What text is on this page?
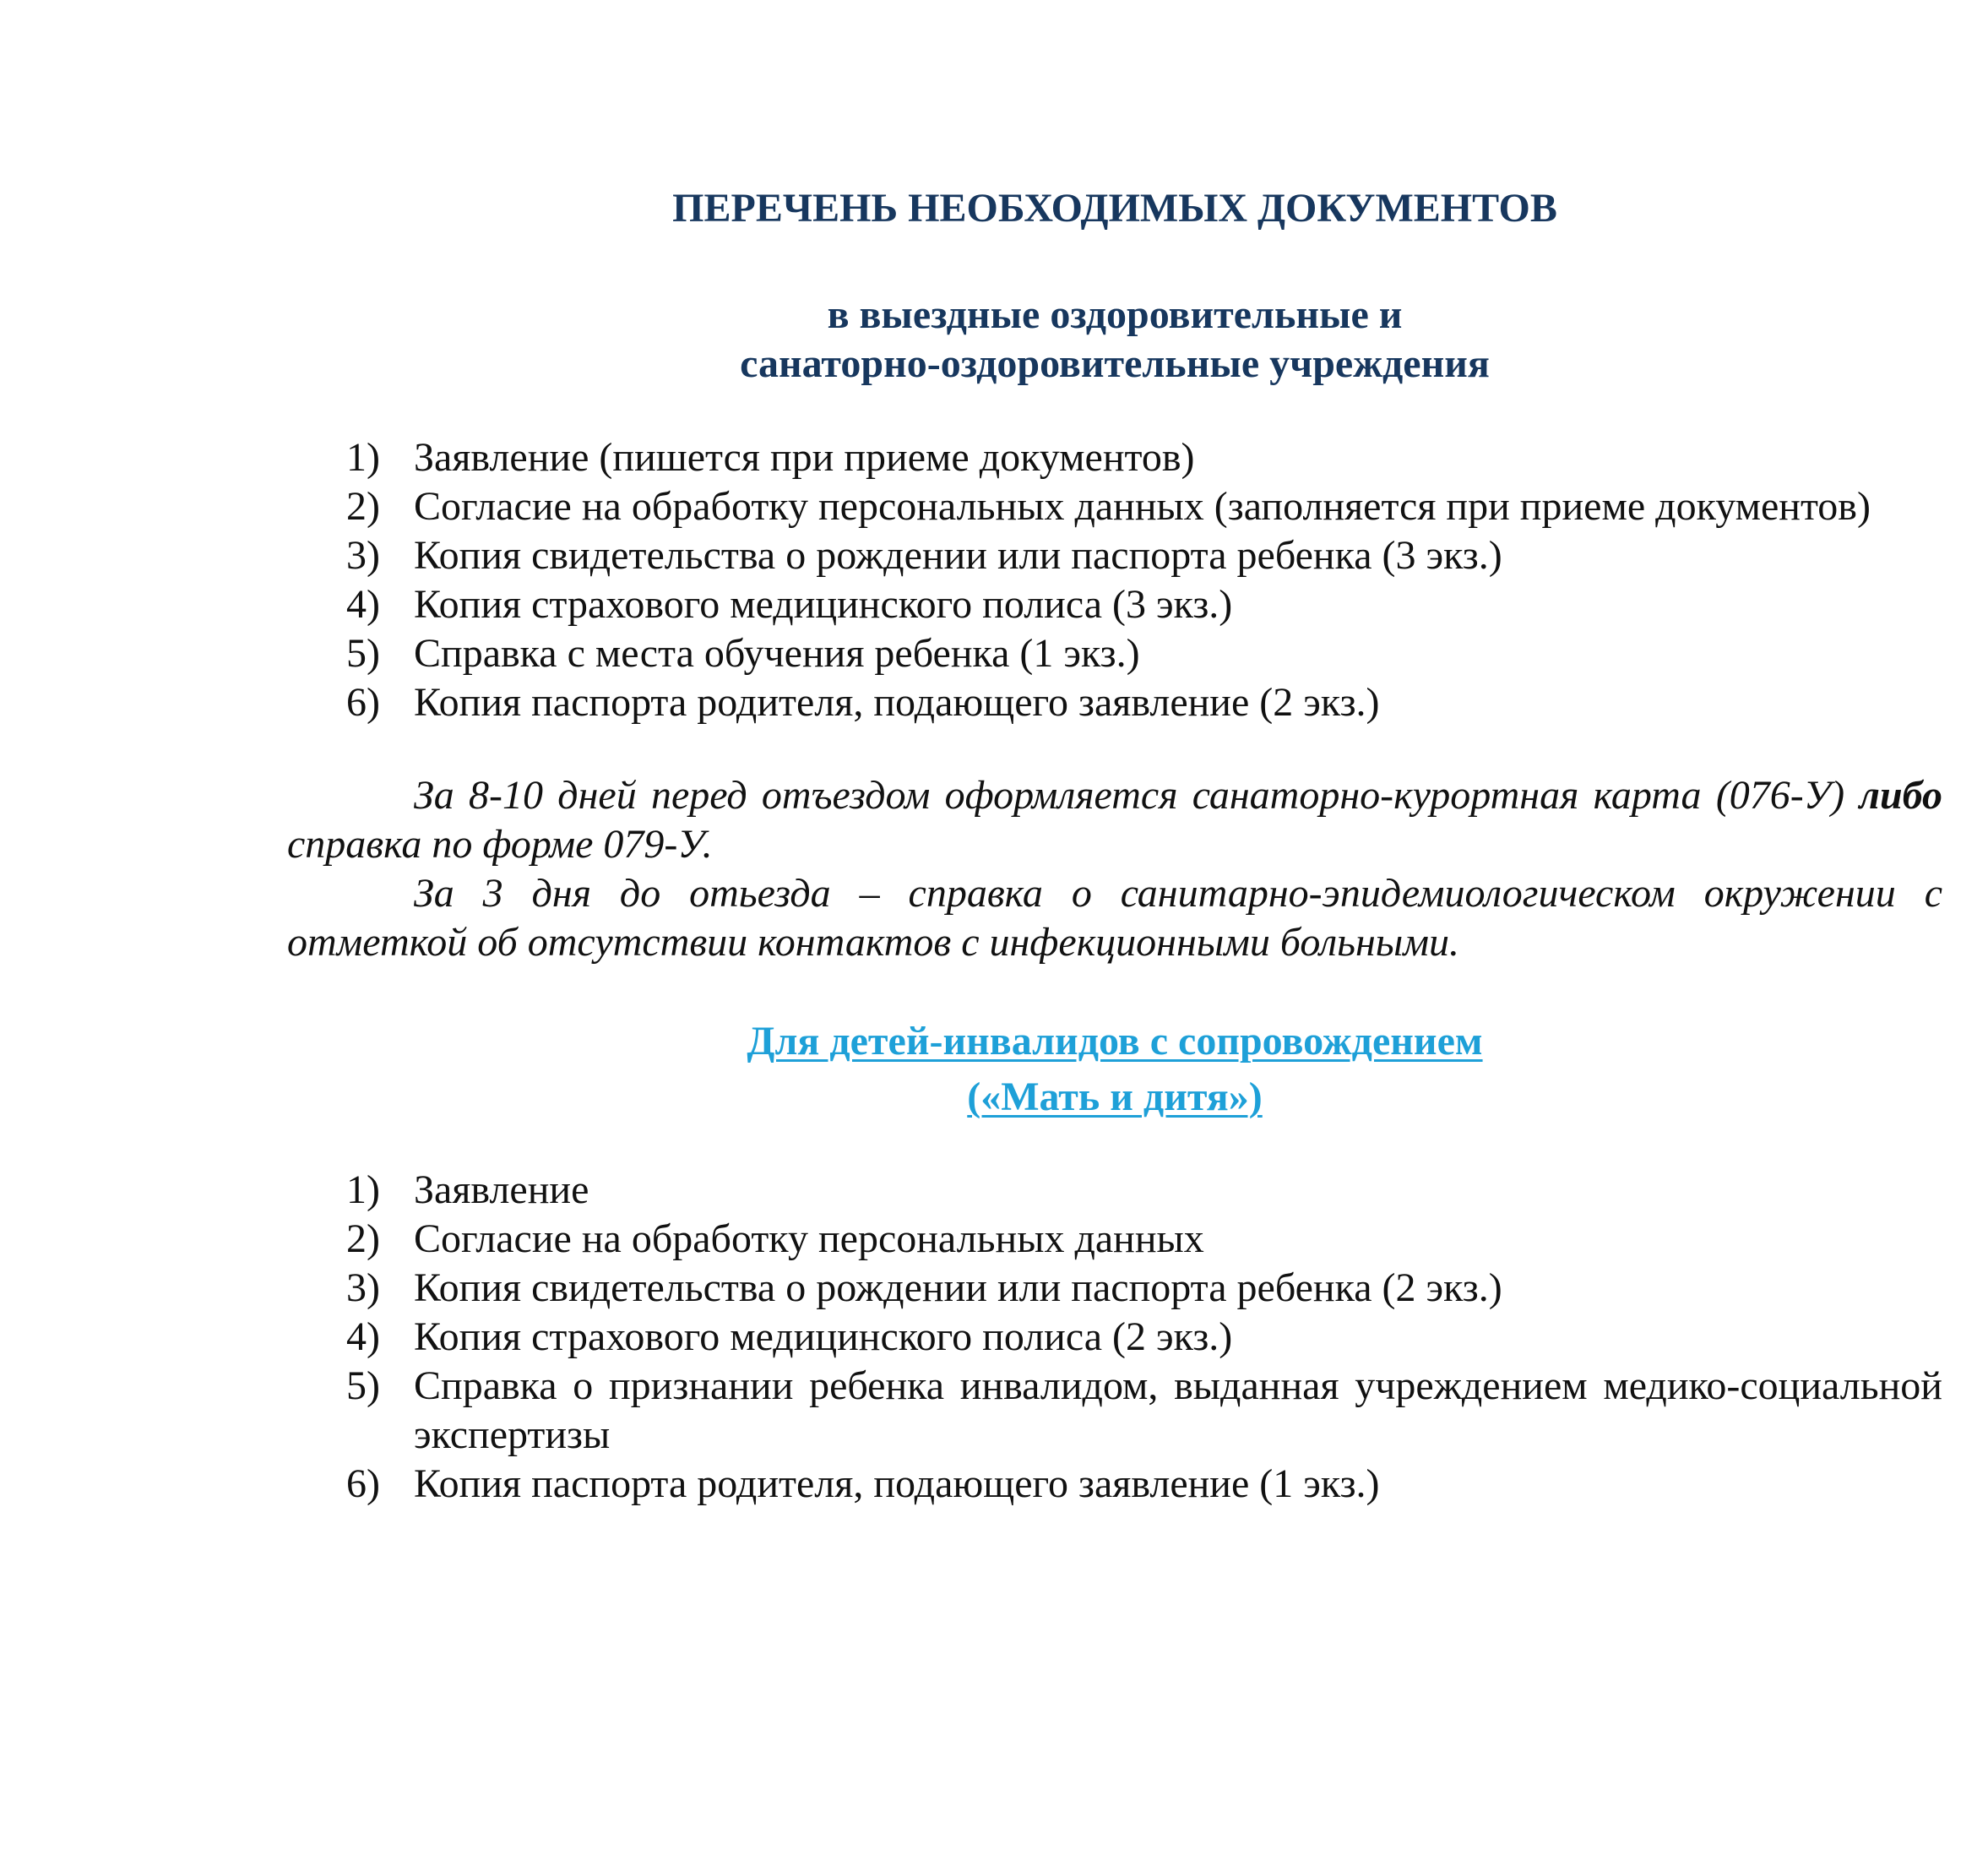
ПЕРЕЧЕНЬ НЕОБХОДИМЫХ ДОКУМЕНТОВ
в выездные оздоровительные и
санаторно-оздоровительные учреждения
1) Заявление (пишется при приеме документов)
2) Согласие на обработку персональных данных (заполняется при приеме документов)
3) Копия свидетельства о рождении или паспорта ребенка (3 экз.)
4) Копия страхового медицинского полиса (3 экз.)
5) Справка с места обучения ребенка (1 экз.)
6) Копия паспорта родителя, подающего заявление (2 экз.)

За 8-10 дней перед отъездом оформляется санаторно-курортная карта (076-У) либо справка по форме 079-У.

За 3 дня до отьезда – справка о санитарно-эпидемиологическом окружении с отметкой об отсутствии контактов с инфекционными больными.

Для детей-инвалидов с сопровождением
(«Мать и дитя»)
1) Заявление
2) Согласие на обработку персональных данных
3) Копия свидетельства о рождении или паспорта ребенка (2 экз.)
4) Копия страхового медицинского полиса (2 экз.)
5) Справка о признании ребенка инвалидом, выданная учреждением медико-социальной экспертизы
6) Копия паспорта родителя, подающего заявление (1 экз.)
